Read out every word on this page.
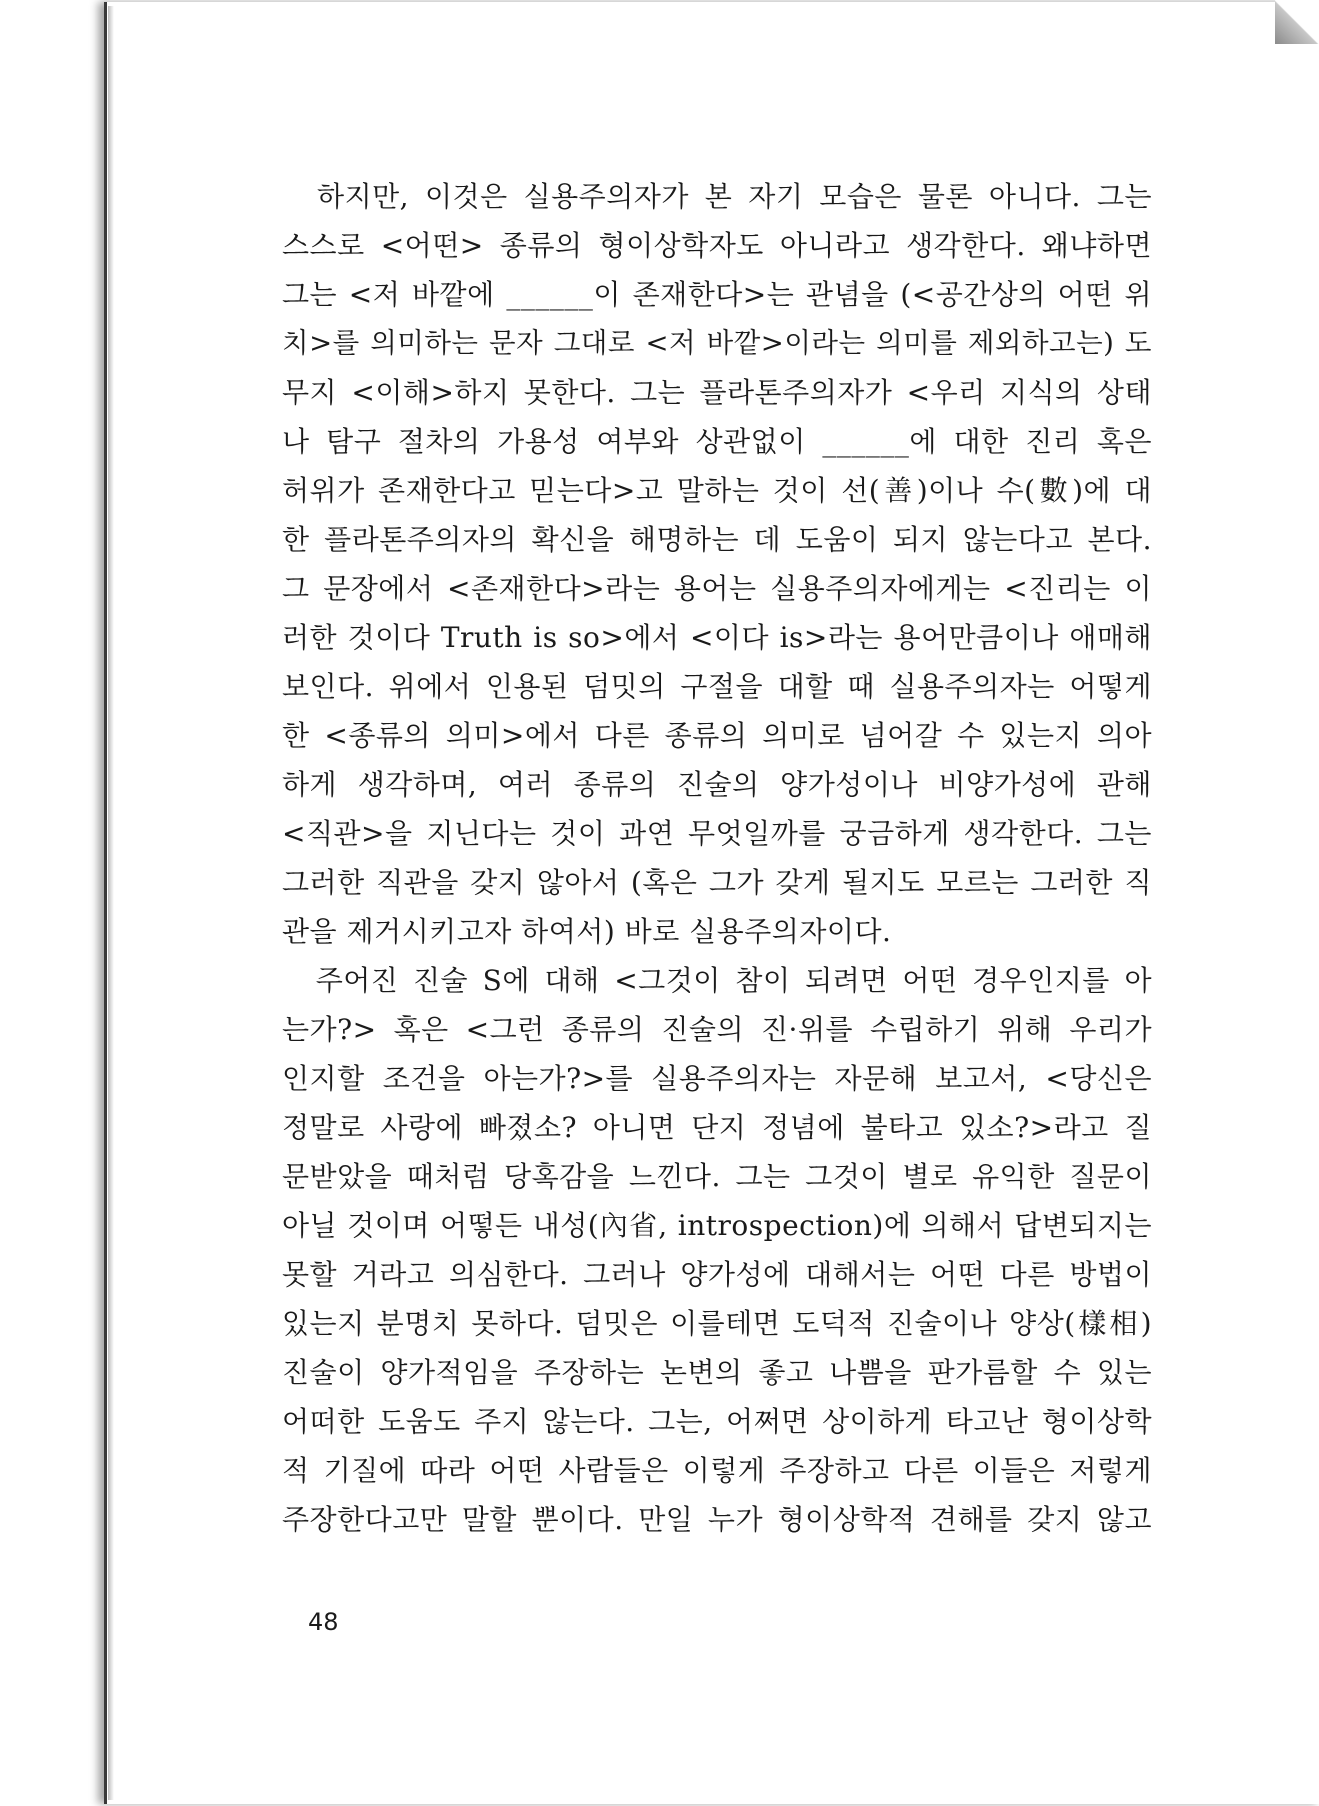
　하지만, 이것은 실용주의자가 본 자기 모습은 물론 아니다. 그는
스스로 <어떤> 종류의 형이상학자도 아니라고 생각한다. 왜냐하면
그는 <저 바깥에 ______이 존재한다>는 관념을 (<공간상의 어떤 위
치>를 의미하는 문자 그대로 <저 바깥>이라는 의미를 제외하고는) 도
무지 <이해>하지 못한다. 그는 플라톤주의자가 <우리 지식의 상태
나 탐구 절차의 가용성 여부와 상관없이 ______에 대한 진리 혹은
허위가 존재한다고 믿는다>고 말하는 것이 선(善)이나 수(數)에 대
한 플라톤주의자의 확신을 해명하는 데 도움이 되지 않는다고 본다.
그 문장에서 <존재한다>라는 용어는 실용주의자에게는 <진리는 이
러한 것이다 Truth is so>에서 <이다 is>라는 용어만큼이나 애매해
보인다. 위에서 인용된 덤밋의 구절을 대할 때 실용주의자는 어떻게
한 <종류의 의미>에서 다른 종류의 의미로 넘어갈 수 있는지 의아
하게 생각하며, 여러 종류의 진술의 양가성이나 비양가성에 관해
<직관>을 지닌다는 것이 과연 무엇일까를 궁금하게 생각한다. 그는
그러한 직관을 갖지 않아서 (혹은 그가 갖게 될지도 모르는 그러한 직
관을 제거시키고자 하여서) 바로 실용주의자이다.
　주어진 진술 S에 대해 <그것이 참이 되려면 어떤 경우인지를 아
는가?> 혹은 <그런 종류의 진술의 진·위를 수립하기 위해 우리가
인지할 조건을 아는가?>를 실용주의자는 자문해 보고서, <당신은
정말로 사랑에 빠졌소? 아니면 단지 정념에 불타고 있소?>라고 질
문받았을 때처럼 당혹감을 느낀다. 그는 그것이 별로 유익한 질문이
아닐 것이며 어떻든 내성(內省, introspection)에 의해서 답변되지는
못할 거라고 의심한다. 그러나 양가성에 대해서는 어떤 다른 방법이
있는지 분명치 못하다. 덤밋은 이를테면 도덕적 진술이나 양상(樣相)
진술이 양가적임을 주장하는 논변의 좋고 나쁨을 판가름할 수 있는
어떠한 도움도 주지 않는다. 그는, 어쩌면 상이하게 타고난 형이상학
적 기질에 따라 어떤 사람들은 이렇게 주장하고 다른 이들은 저렇게
주장한다고만 말할 뿐이다. 만일 누가 형이상학적 견해를 갖지 않고
48
